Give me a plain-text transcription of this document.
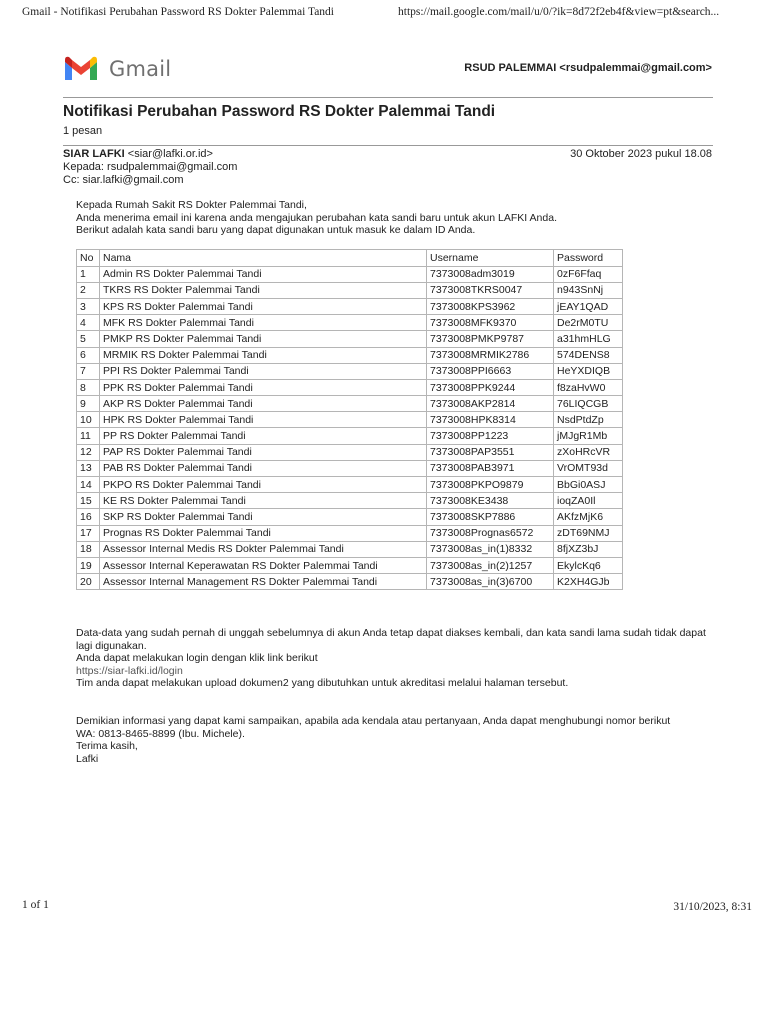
Gmail - Notifikasi Perubahan Password RS Dokter Palemmai Tandi	https://mail.google.com/mail/u/0/?ik=8d72f2eb4f&view=pt&search...
Gmail	RSUD PALEMMAI <rsudpalemmai@gmail.com>
Notifikasi Perubahan Password RS Dokter Palemmai Tandi
1 pesan
SIAR LAFKI <siar@lafki.or.id>
Kepada: rsudpalemmai@gmail.com
Cc: siar.lafki@gmail.com
30 Oktober 2023 pukul 18.08
Kepada Rumah Sakit RS Dokter Palemmai Tandi,
Anda menerima email ini karena anda mengajukan perubahan kata sandi baru untuk akun LAFKI Anda.
Berikut adalah kata sandi baru yang dapat digunakan untuk masuk ke dalam ID Anda.
No	Nama	Username	Password
1	Admin RS Dokter Palemmai Tandi	7373008adm3019	0zF6Ffaq
2	TKRS RS Dokter Palemmai Tandi	7373008TKRS0047	n943SnNj
3	KPS RS Dokter Palemmai Tandi	7373008KPS3962	jEAY1QAD
4	MFK RS Dokter Palemmai Tandi	7373008MFK9370	De2rM0TU
5	PMKP RS Dokter Palemmai Tandi	7373008PMKP9787	a31hmHLG
6	MRMIK RS Dokter Palemmai Tandi	7373008MRMIK2786	574DENS8
7	PPI RS Dokter Palemmai Tandi	7373008PPI6663	HeYXDIQB
8	PPK RS Dokter Palemmai Tandi	7373008PPK9244	f8zaHvW0
9	AKP RS Dokter Palemmai Tandi	7373008AKP2814	76LIQCGB
10	HPK RS Dokter Palemmai Tandi	7373008HPK8314	NsdPtdZp
11	PP RS Dokter Palemmai Tandi	7373008PP1223	jMJgR1Mb
12	PAP RS Dokter Palemmai Tandi	7373008PAP3551	zXoHRcVR
13	PAB RS Dokter Palemmai Tandi	7373008PAB3971	VrOMT93d
14	PKPO RS Dokter Palemmai Tandi	7373008PKPO9879	BbGi0ASJ
15	KE RS Dokter Palemmai Tandi	7373008KE3438	ioqZA0Il
16	SKP RS Dokter Palemmai Tandi	7373008SKP7886	AKfzMjK6
17	Prognas RS Dokter Palemmai Tandi	7373008Prognas6572	zDT69NMJ
18	Assessor Internal Medis RS Dokter Palemmai Tandi	7373008as_in(1)8332	8fjXZ3bJ
19	Assessor Internal Keperawatan RS Dokter Palemmai Tandi	7373008as_in(2)1257	EkylcKq6
20	Assessor Internal Management RS Dokter Palemmai Tandi	7373008as_in(3)6700	K2XH4GJb
Data-data yang sudah pernah di unggah sebelumnya di akun Anda tetap dapat diakses kembali, dan kata sandi lama sudah tidak dapat lagi digunakan.
Anda dapat melakukan login dengan klik link berikut
https://siar-lafki.id/login
Tim anda dapat melakukan upload dokumen2 yang dibutuhkan untuk akreditasi melalui halaman tersebut.
Demikian informasi yang dapat kami sampaikan, apabila ada kendala atau pertanyaan, Anda dapat menghubungi nomor berikut
WA: 0813-8465-8899 (Ibu. Michele).
Terima kasih,
Lafki
1 of 1	31/10/2023, 8:31
